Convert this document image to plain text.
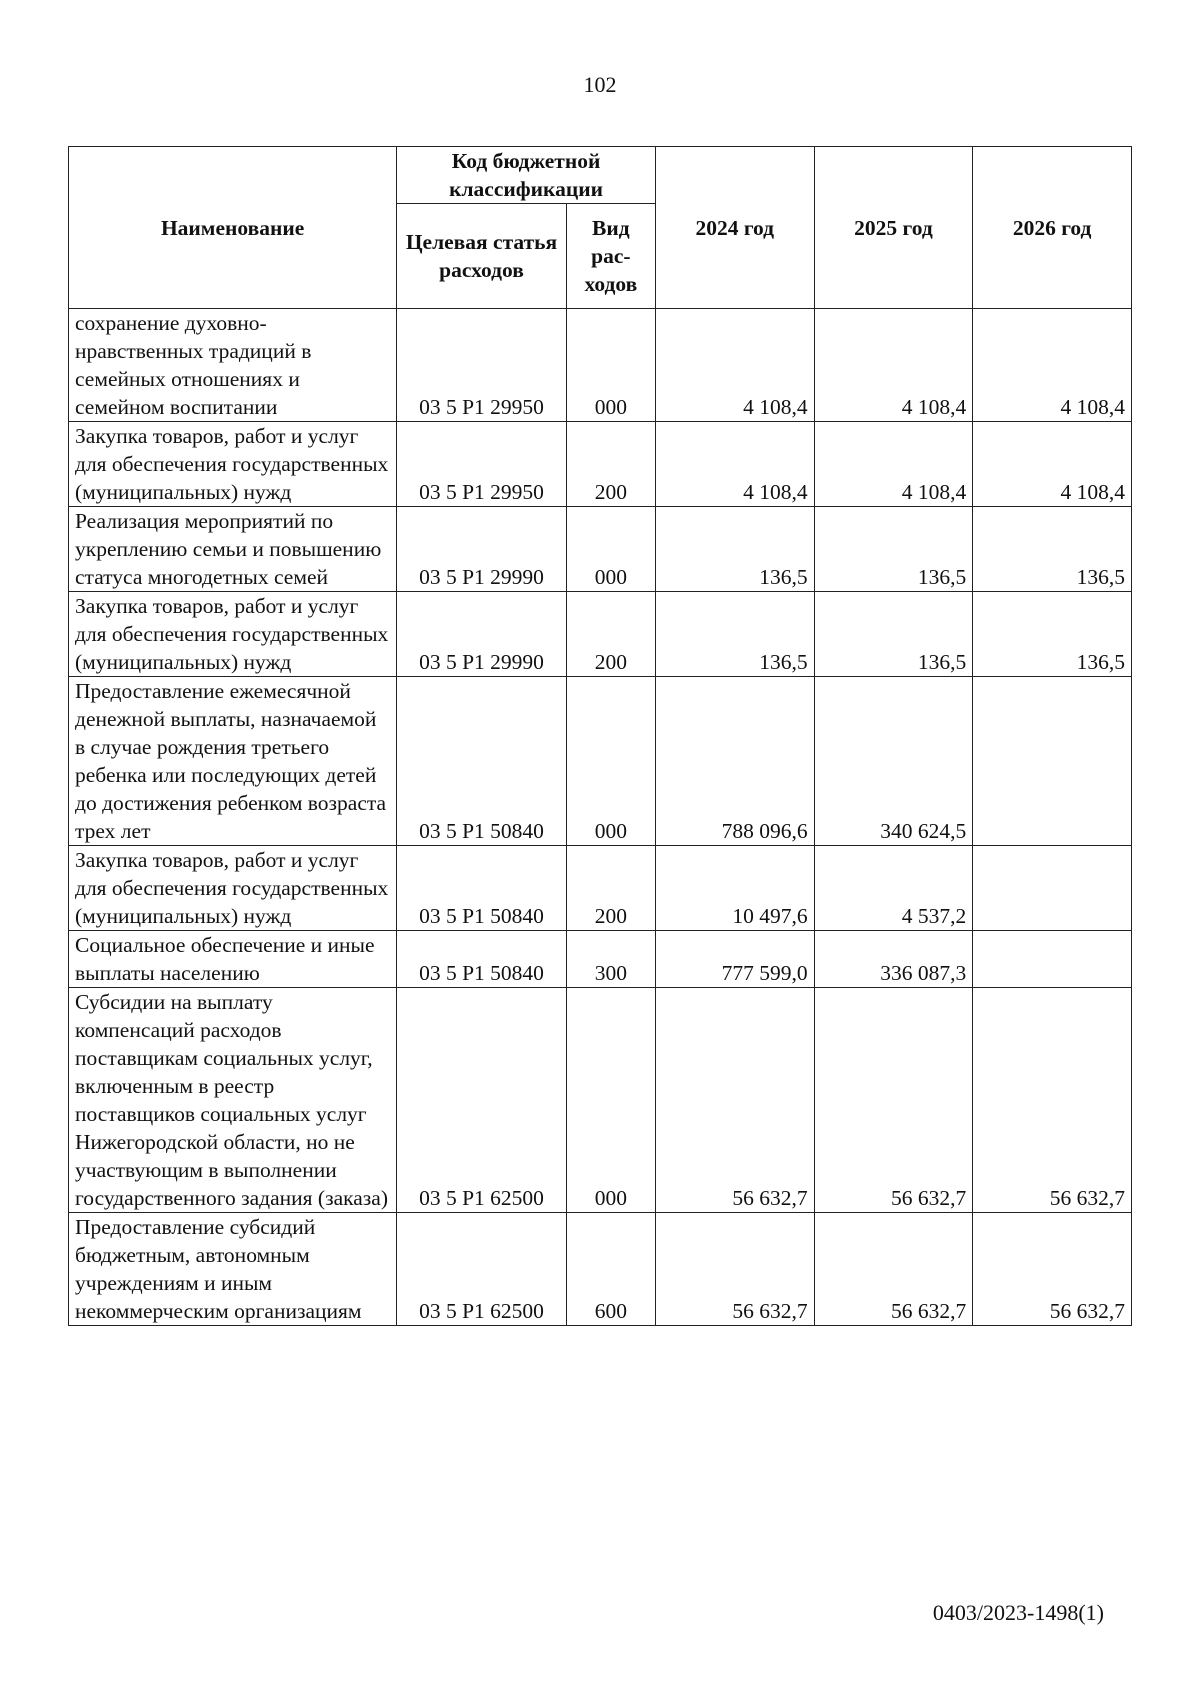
102
Наименование	Код бюджетной классификации		2024 год	2025 год	2026 год
	Целевая статья расходов	Вид рас-ходов			
сохранение духовно-нравственных традиций в семейных отношениях и семейном воспитании	03 5 P1 29950	000	4 108,4	4 108,4	4 108,4
Закупка товаров, работ и услуг для обеспечения государственных (муниципальных) нужд	03 5 P1 29950	200	4 108,4	4 108,4	4 108,4
Реализация мероприятий по укреплению семьи и повышению статуса многодетных семей	03 5 P1 29990	000	136,5	136,5	136,5
Закупка товаров, работ и услуг для обеспечения государственных (муниципальных) нужд	03 5 P1 29990	200	136,5	136,5	136,5
Предоставление ежемесячной денежной выплаты, назначаемой в случае рождения третьего ребенка или последующих детей до достижения ребенком возраста трех лет	03 5 P1 50840	000	788 096,6	340 624,5	
Закупка товаров, работ и услуг для обеспечения государственных (муниципальных) нужд	03 5 P1 50840	200	10 497,6	4 537,2	
Социальное обеспечение и иные выплаты населению	03 5 P1 50840	300	777 599,0	336 087,3	
Субсидии на выплату компенсаций расходов поставщикам социальных услуг, включенным в реестр поставщиков социальных услуг Нижегородской области, но не участвующим в выполнении государственного задания (заказа)	03 5 P1 62500	000	56 632,7	56 632,7	56 632,7
Предоставление субсидий бюджетным, автономным учреждениям и иным некоммерческим организациям	03 5 P1 62500	600	56 632,7	56 632,7	56 632,7
0403/2023-1498(1)
